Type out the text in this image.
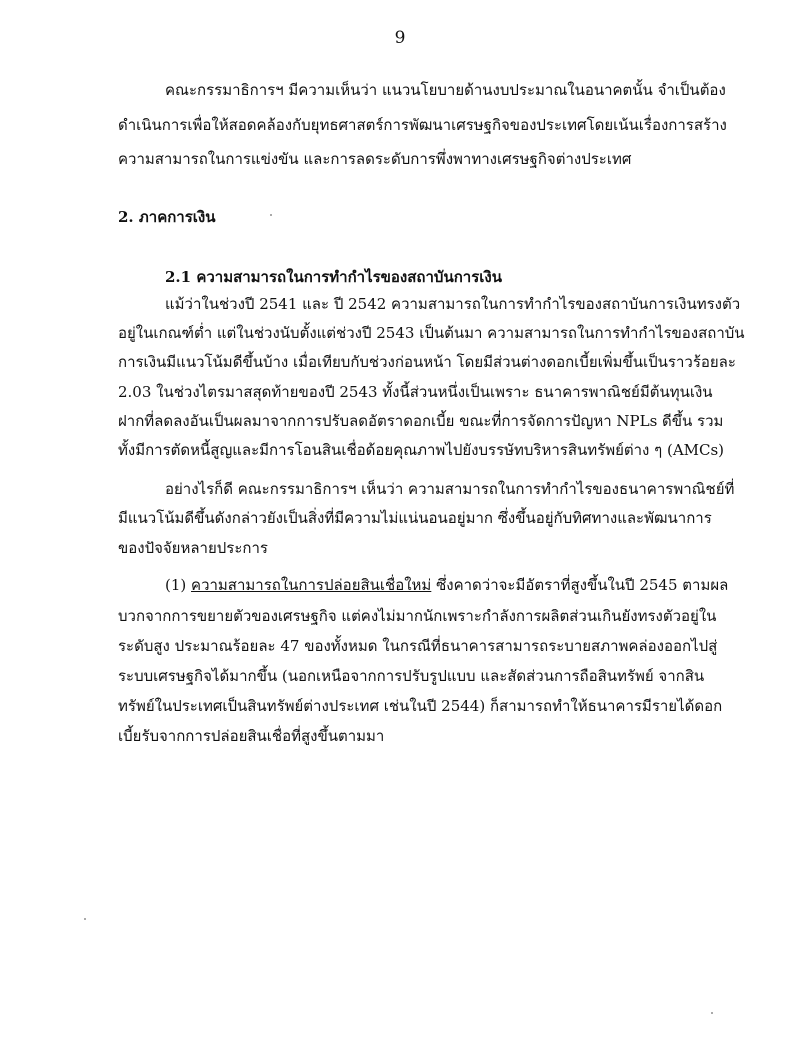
9
คณะกรรมาธิการฯ มีความเห็นว่า แนวนโยบายด้านงบประมาณในอนาคตนั้น จำเป็นต้อง
ดำเนินการเพื่อให้สอดคล้องกับยุทธศาสตร์การพัฒนาเศรษฐกิจของประเทศโดยเน้นเรื่องการสร้าง
ความสามารถในการแข่งขัน และการลดระดับการพึ่งพาทางเศรษฐกิจต่างประเทศ
2. ภาคการเงิน
2.1 ความสามารถในการทำกำไรของสถาบันการเงิน
แม้ว่าในช่วงปี 2541 และ ปี 2542 ความสามารถในการทำกำไรของสถาบันการเงินทรงตัว
อยู่ในเกณฑ์ต่ำ แต่ในช่วงนับตั้งแต่ช่วงปี 2543 เป็นต้นมา ความสามารถในการทำกำไรของสถาบัน
การเงินมีแนวโน้มดีขึ้นบ้าง เมื่อเทียบกับช่วงก่อนหน้า โดยมีส่วนต่างดอกเบี้ยเพิ่มขึ้นเป็นราวร้อยละ
2.03 ในช่วงไตรมาสสุดท้ายของปี 2543 ทั้งนี้ส่วนหนึ่งเป็นเพราะ ธนาคารพาณิชย์มีต้นทุนเงิน
ฝากที่ลดลงอันเป็นผลมาจากการปรับลดอัตราดอกเบี้ย ขณะที่การจัดการปัญหา NPLs ดีขึ้น รวม
ทั้งมีการตัดหนี้สูญและมีการโอนสินเชื่อด้อยคุณภาพไปยังบรรษัทบริหารสินทรัพย์ต่าง ๆ (AMCs)
อย่างไรก็ดี คณะกรรมาธิการฯ เห็นว่า ความสามารถในการทำกำไรของธนาคารพาณิชย์ที่
มีแนวโน้มดีขึ้นดังกล่าวยังเป็นสิ่งที่มีความไม่แน่นอนอยู่มาก ซึ่งขึ้นอยู่กับทิศทางและพัฒนาการ
ของปัจจัยหลายประการ
(1) ความสามารถในการปล่อยสินเชื่อใหม่ ซึ่งคาดว่าจะมีอัตราที่สูงขึ้นในปี 2545 ตามผล
บวกจากการขยายตัวของเศรษฐกิจ แต่คงไม่มากนักเพราะกำลังการผลิตส่วนเกินยังทรงตัวอยู่ใน
ระดับสูง ประมาณร้อยละ 47 ของทั้งหมด ในกรณีที่ธนาคารสามารถระบายสภาพคล่องออกไปสู่
ระบบเศรษฐกิจได้มากขึ้น (นอกเหนือจากการปรับรูปแบบ และสัดส่วนการถือสินทรัพย์ จากสิน
ทรัพย์ในประเทศเป็นสินทรัพย์ต่างประเทศ เช่นในปี 2544) ก็สามารถทำให้ธนาคารมีรายได้ดอก
เบี้ยรับจากการปล่อยสินเชื่อที่สูงขึ้นตามมา
